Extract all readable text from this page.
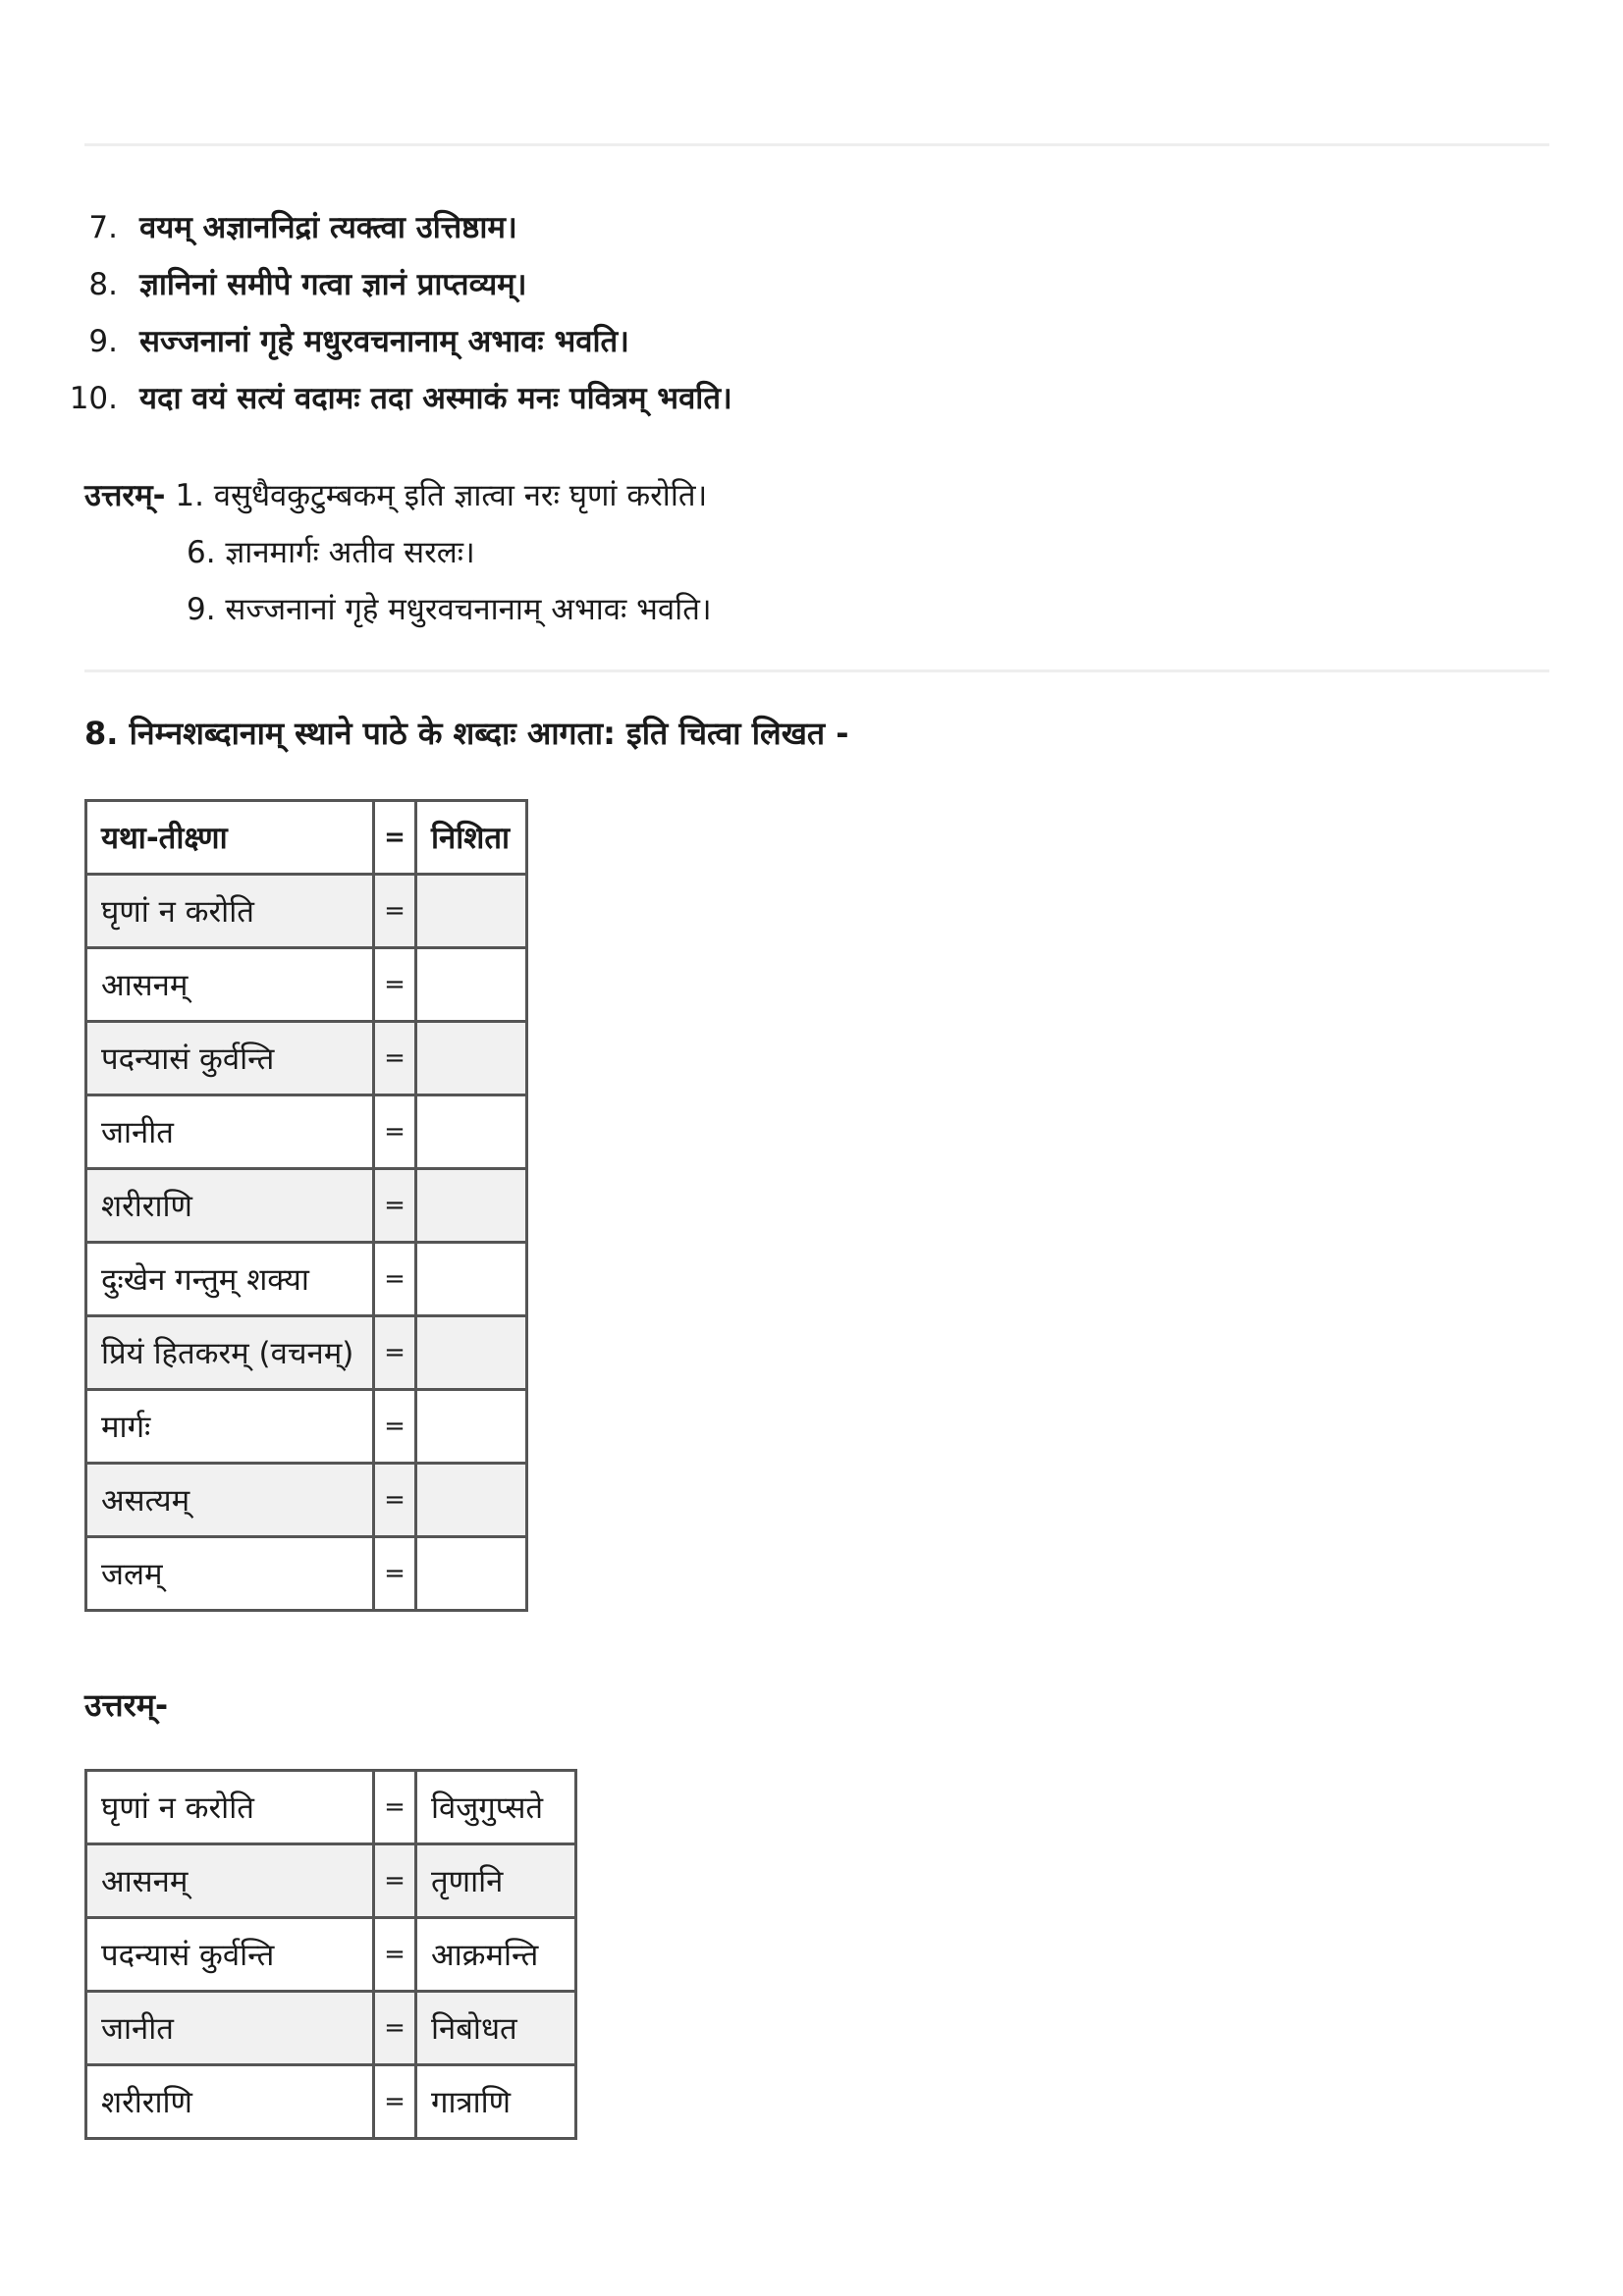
7. वयम् अज्ञाननिद्रां त्यक्त्वा उत्तिष्ठाम।
8. ज्ञानिनां समीपे गत्वा ज्ञानं प्राप्तव्यम्।
9. सज्जनानां गृहे मधुरवचनानाम् अभावः भवति।
10. यदा वयं सत्यं वदामः तदा अस्माकं मनः पवित्रम् भवति।
उत्तरम्- 1. वसुधैवकुटुम्बकम् इति ज्ञात्वा नरः घृणां करोति।
6. ज्ञानमार्गः अतीव सरलः।
9. सज्जनानां गृहे मधुरवचनानाम् अभावः भवति।
8. निम्नशब्दानाम् स्थाने पाठे के शब्दाः आगता: इति चित्वा लिखत -
यथा-तीक्ष्णा	=	निशिता
घृणां न करोति	=	
आसनम्	=	
पदन्यासं कुर्वन्ति	=	
जानीत	=	
शरीराणि	=	
दुःखेन गन्तुम् शक्या	=	
प्रियं हितकरम् (वचनम्)	=	
मार्गः	=	
असत्यम्	=	
जलम्	=	
उत्तरम्-
घृणां न करोति	=	विजुगुप्सते
आसनम्	=	तृणानि
पदन्यासं कुर्वन्ति	=	आक्रमन्ति
जानीत	=	निबोधत
शरीराणि	=	गात्राणि
